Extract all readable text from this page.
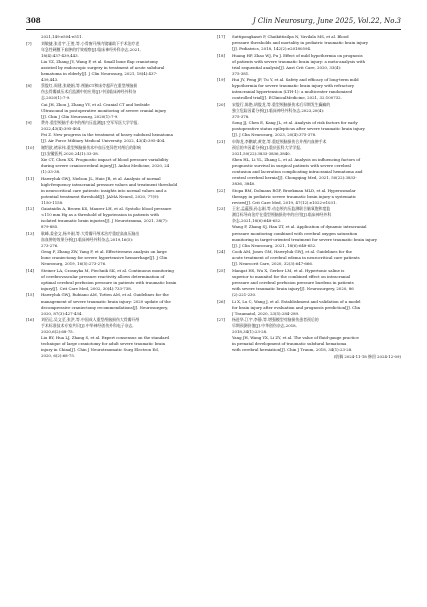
308	J Clin Neurosurg, June 2025, Vol.22, No.3
2021,149:e504-e511.
[7] 刘敏捷,张君宇,王胜,等.小骨窗开颅内镜辅助下手术治疗老
年急性硬膜下血肿的疗效观察[J].临床神经外科杂志,2021,
18(4):437-439,443.
Liu YZ, Zhang JY, Wang P, et al. Small bone flap craniotomy
assisted by endoscopic surgery in treatment of acute subdural
hematoma in elderly[J]. J Clin Neurosurg, 2021, 18(4):437-
439,443.
[8] 蔡俊红,周建,张晓娟,等.颅脑CT和床旁超声在重型颅脑损
伤去骨瓣减压术后监测中的应用[J].中国临床神经外科杂
志,2020(1):7-9.
Cai JH, Zhou J, Zhang YY, et al. Cranial CT and bedside
Ultrasound in postoperative monitoring of severe cranial injury
[J]. Chin J Clin Neurosurg, 2020(1):7-9.
[9] 费舟.重型颅脑手术中的颅内压监测[J].空军军医大学学报,
2022,43(4):395-404.
Fei Z. New progress in the treatment of heavy subdural hematoma
[J]. Air Force Military Medical University, 2022, 43(4):395-404.
[10] 谢绍歆,褚承伟,重型颅脑损伤术中血压变异性对颅后的影响
[J].安徽医药,2020,24(1):33-38.
Xie CT, Chen XX. Prognostic impact of blood pressure variability
during severe craniocerebral injury[J]. Anhui Medicine, 2020, 24
(1):33-38.
[11] Hawryluk GWJ, Nielson JL, Huie JR, et al. Analysis of normal
high-frequency intracranial pressure values and treatment threshold
in neurocritical care patients: insights into normal values and a
potential treatment threshold[J]. JAMA Neurol, 2020, 77(9):
1150-1158.
[12] Gaiatnidis A, Brown KS, Maurer LH, et al. Systolic blood pressure
<110 mm Hg as a threshold of hypotension in patients with
isolated traumatic brain injuries[J]. J Neurotrauma, 2021, 38(7):
879-885.
[13] 耿峰,姜金文,杨多刚,等.大骨瓣开颅术治疗重症高血压脑出
血血肿的效果分析[J].临床神经外科杂志,2019,16(5):
273-276.
Geng F, Zhang ZW, Yang F, et al. Effectiveness analysis on large
bone craniectomy for severe hypertensive hemorrhage[J]. J Clin
Neurosurg, 2019, 16(5):273-276.
[14] Steiner LA, Czosnyka M, Piechnik SK, et al. Continuous monitoring
of cerebrovascular pressure reactivity allows determination of
optimal cerebral perfusion pressure in patients with traumatic brain
injury[J]. Crit Care Med, 2002, 30(4):733-738.
[15] Hawryluk GWJ, Rubiano AM, Totten AM, et al. Guidelines for the
management of severe traumatic brain injury: 2020 update of the
decompressive craniectomy recommendations[J]. Neurosurgery,
2020, 87(3):427-434.
[16] 刘佰运,吴文至,张洪,等.中国成人重型颅脑损伤大骨瓣开颅
手术标准技术专家共识[J].中华神经创伤外科电子杂志,
2020,6(2):68-75.
Liu BY, Hua LJ, Zhang S, et al. Expert consensus on the standard
technique of large craniotomy for adult severe traumatic brain
injury in China[J]. Chin J Neurotraumatic Surg Electron Ed,
2020, 6(2):68-75.
[17] Suttipongkaset P, Chaikittisilpa N, Vavilala MS, et al. Blood
pressure thresholds and mortality in pediatric traumatic brain injury
[J]. Pediatrics, 2018, 142(2):e20180594.
[18] Huang HP, Zhao WJ, Pu J. Effect of mild hypothermia on prognosis
of patients with severe traumatic brain injury: a meta-analysis with
trial sequential analysis[J]. Aust Crit Care, 2020, 33(4):
375-381.
[19] Hui JY, Feng JF, Tu Y, et al. Safety and efficacy of long-term mild
hypothermia for severe traumatic brain injury with refractory
intracranial hypertension (LTH-1): a multicenter randomized
controlled trial[J]. EClinicalMedicine, 2021, 32:100732.
[20] 宋俊行,陈艳,胡俊龙,等.重型颅脑损伤术后早期发生癫痫的
独立危险因素分析[J].临床神经外科杂志,2023,20(4):
375-378.
Song JJ, Chen E, Kang JL, et al. Analysis of risk factors for early
postoperative status epilepticus after severe traumatic brain injury
[J]. J Clin Neurosurg, 2023, 20(4):375-378.
[21] 申海龙,李鹏斌,黄宽,等.重症颅脑损伤合并颅内血肿手术
预后的多因素分析[J].重庆医科大学学报,
2021,50(22):3833-3836,3840.
Shen HL, Li YL, Zhang L, et al. Analysis on influencing factors of
prognostic survival in surgical patients with severe cerebral
contusion and laceration complicating intracranial hematoma and
central cerebral hernia[J]. Chongqing Med, 2021, 50(22):3833-
3836, 3840.
[22] Stopa BM, Dolmans RGF, Broekman MLD, et al. Hyperosmolar
therapy in pediatric severe traumatic brain injury-a systematic
review[J]. Crit Care Med, 2019, 47(12):e1022-e1031.
[23] 王宏,孟蕴强,孙志刚,等.动态颅内压监测联合脑氧饱和度监
测目标导向治疗在重型颅脑损伤中的应用[J].临床神经外科
杂志,2021,18(6):648-652.
Wang F, Zhang SJ, Han ZT, et al. Application of dynamic intracranial
pressure monitoring combined with cerebral oxygen saturation
monitoring in target-oriented treatment for severe traumatic brain injury
[J]. J Clin Neurosurg, 2021, 18(6):648-652.
[24] Cook AM, Jones GM, Hawryluk GWJ, et al. Guidelines for the
acute treatment of cerebral edema in neurocritical care patients
[J]. Neurocrit Care, 2020, 32(3):647-666.
[25] Mangat HS, Wu X, Gerber LM, et al. Hypertonic saline is
superior to mannitol for the combined effect on intracranial
pressure and cerebral perfusion pressure burdens in patients
with severe traumatic brain injury[J]. Neurosurgery, 2020, 86
(2):221-230.
[26] Li X, Lu C, Wang J, et al. Establishment and validation of a model
for brain injury after evaluation and prognosis prediction[J]. Clin
J Traumatol, 2020, 23(5):284-289.
[27] 杨进华,江宇,李静,等.增强模型对脑损伤患者预后的
早期预测价值[J].中华创伤杂志,2018,
2018,34(1):23-28.
Yang JH, Wang YX, Li ZY, et al. The value of fluid-gauge practice
in prenatal development of traumatic subdural hematoma
with cerebral herniation[J]. Chin J Traum, 2018, 34(1):23-28.
(收稿 2024-11-18 修回 2024-12-09)
